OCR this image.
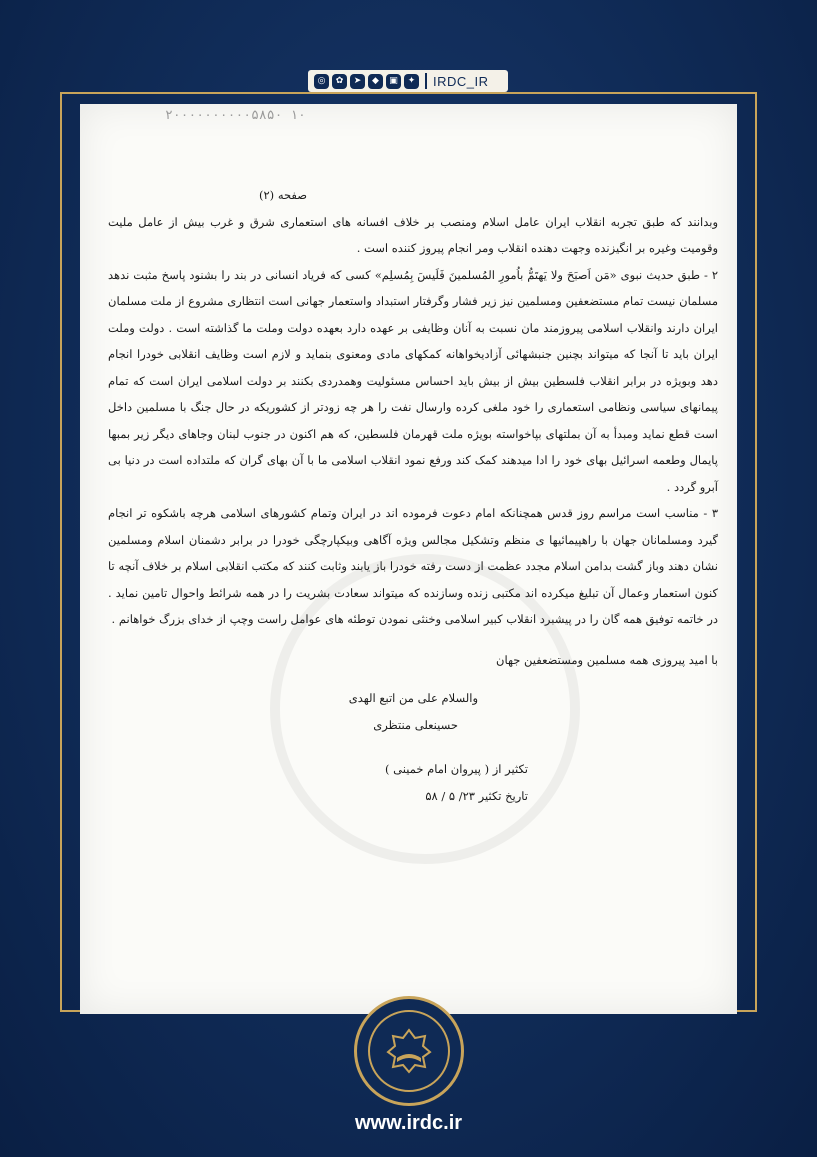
◎	✿	➤	◆	▣	✦ IRDC_IR
۲۰۰۰۰۰۰۰۰۰۰۵۸۵۰ ۱۰

صفحه (۲)

وبدانند که طبق تجربه انقلاب ایران عامل اسلام ومنصب بر خلاف افسانه های استعماری شرق و غرب بیش از عامل ملیت وقومیت وغیره بر انگیزنده وجهت دهنده انقلاب ومر انجام پیروز کننده است .

۲ - طبق حدیث نبوی «مَن اَصبَحَ ولا یَهتَمُّ باُمورِ المُسلمینَ فَلَیسَ بِمُسلِم» کسی که فریاد انسانی در بند را بشنود پاسخ مثبت ندهد مسلمان نیست تمام مستضعفین ومسلمین نیز زیر فشار وگرفتار استبداد واستعمار جهانی است انتظاری مشروع از ملت مسلمان ایران دارند وانقلاب اسلامی پیروزمند مان نسبت به آنان وظایفی بر عهده دارد بعهده دولت وملت ما گذاشته است . دولت وملت ایران باید تا آنجا که میتواند بچنین جنبشهائی آزادیخواهانه کمکهای مادی ومعنوی بنماید و لازم است وظایف انقلابی خودرا انجام دهد وبویژه در برابر انقلاب فلسطین بیش از بیش باید احساس مسئولیت وهمدردی بکنند بر دولت اسلامی ایران است که تمام پیمانهای سیاسی ونظامی استعماری را خود ملغی کرده وارسال نفت را هر چه زودتر از کشوریکه در حال جنگ با مسلمین داخل است قطع نماید ومبدأ به آن بملتهای بپاخواسته بویژه ملت قهرمان فلسطین، که هم اکنون در جنوب لبنان وجاهای دیگر زیر بمبها پایمال وطعمه اسرائیل بهای خود را ادا میدهند کمک کند ورفع نمود انقلاب اسلامی ما با آن بهای گران که ملتداده است در دنیا بی آبرو گردد .

۳ - مناسب است مراسم روز قدس همچنانکه امام دعوت فرموده اند در ایران وتمام کشورهای اسلامی هرچه باشکوه تر انجام گیرد ومسلمانان جهان با راهپیمائیها ی منظم وتشکیل مجالس ویژه آگاهی وبیکپارچگی خودرا در برابر دشمنان اسلام ومسلمین نشان دهند وباز گشت بدامن اسلام مجدد عظمت از دست رفته خودرا باز یابند وثابت کنند که مکتب انقلابی اسلام بر خلاف آنچه تا کنون استعمار وعمال آن تبلیغ میکرده اند مکتبی زنده وسازنده که میتواند سعادت بشریت را در همه شرائط واحوال تامین نماید . در خاتمه توفیق همه گان را در پیشبرد انقلاب کبیر اسلامی وخنثی نمودن توطئه های عوامل راست وچپ از خدای بزرگ خواهانم .

با امید پیروزی همه مسلمین ومستضعفین جهان

والسلام علی من اتبع الهدی

حسینعلی منتظری

تکثیر از ( پیروان امام خمینی )

تاریخ تکثیر ۲۳/ ۵ / ۵۸

www.irdc.ir
